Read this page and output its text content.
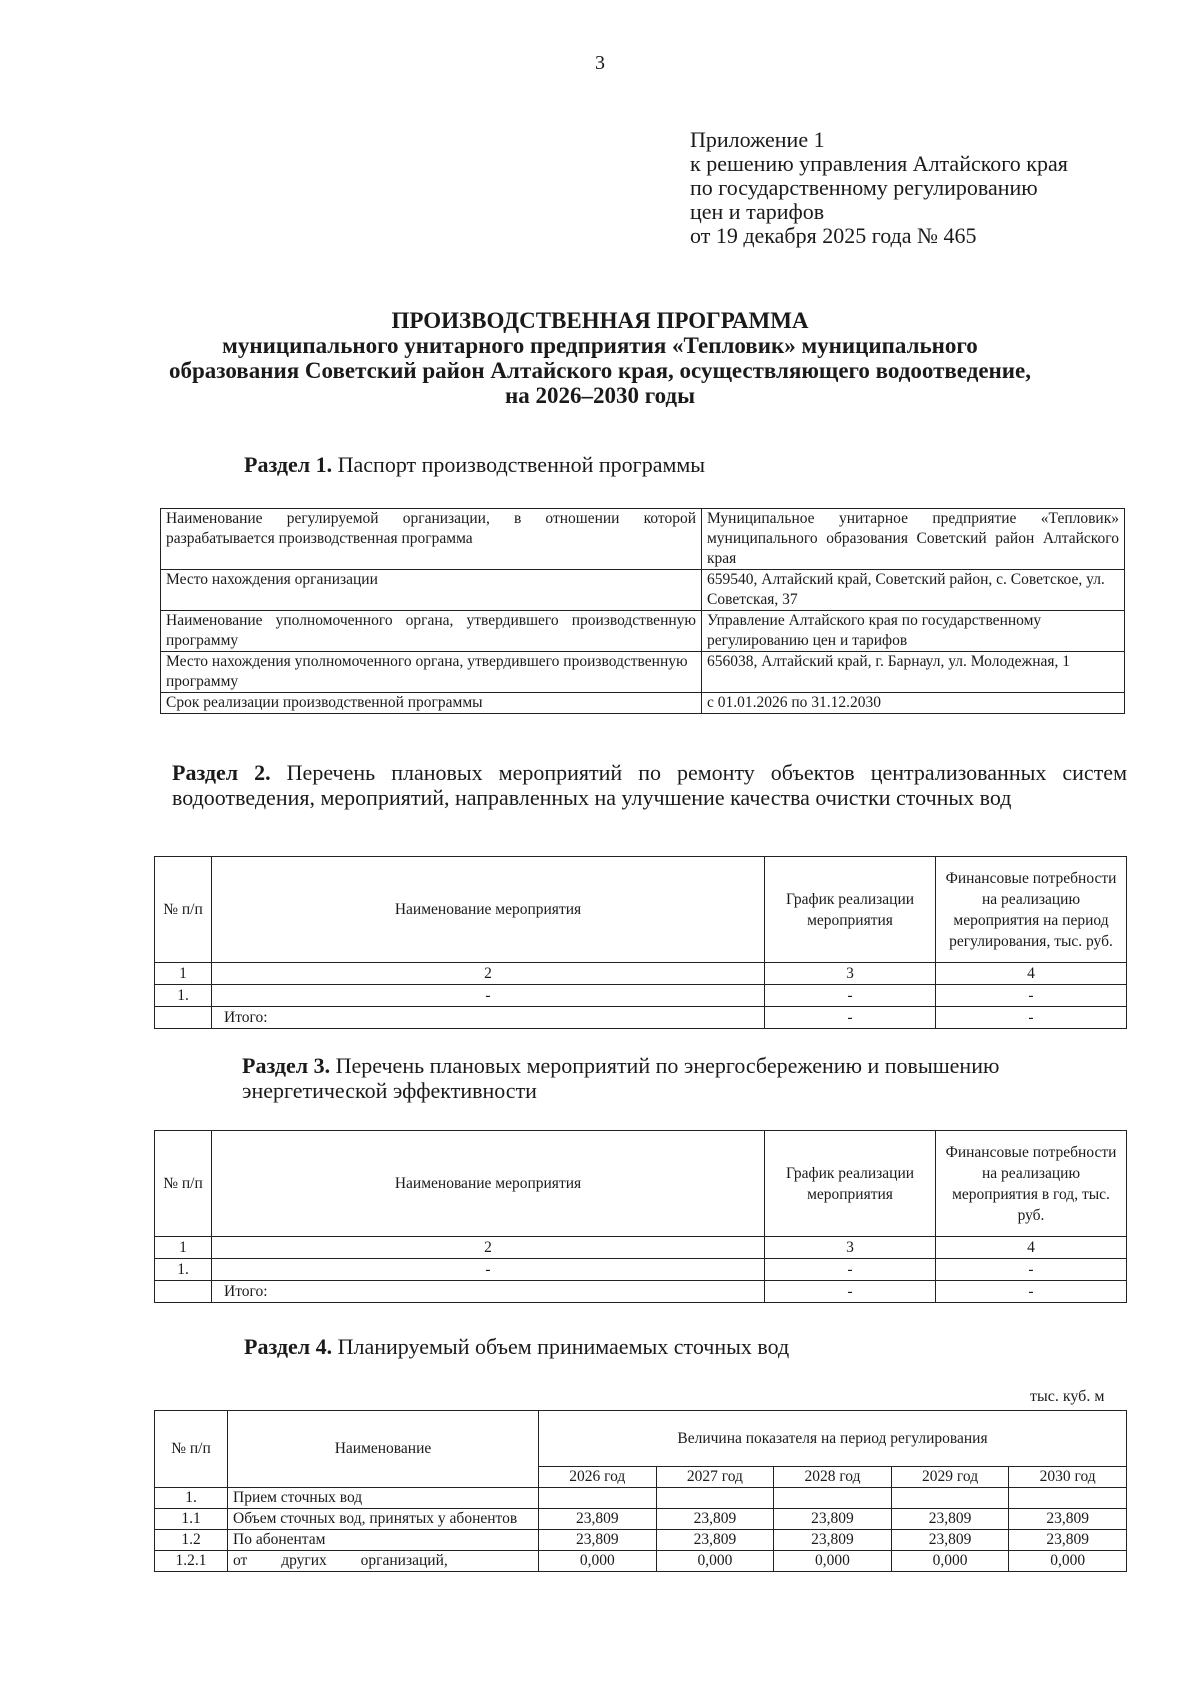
3
Приложение 1
к решению управления Алтайского края
по государственному регулированию
цен и тарифов
от 19 декабря 2025 года № 465
ПРОИЗВОДСТВЕННАЯ ПРОГРАММА
муниципального унитарного предприятия «Тепловик» муниципального
образования Советский район Алтайского края, осуществляющего водоотведение,
на 2026–2030 годы
Раздел 1. Паспорт производственной программы
Наименование регулируемой организации, в отношении которой разрабатывается производственная программа	Муниципальное унитарное предприятие «Тепловик» муниципального образования Советский район Алтайского края
Место нахождения организации	659540, Алтайский край, Советский район, с. Советское, ул. Советская, 37
Наименование уполномоченного органа, утвердившего производственную программу	Управление Алтайского края по государственному регулированию цен и тарифов
Место нахождения уполномоченного органа, утвердившего производственную программу	656038, Алтайский край, г. Барнаул, ул. Молодежная, 1
Срок реализации производственной программы	с 01.01.2026 по 31.12.2030
Раздел 2. Перечень плановых мероприятий по ремонту объектов централизованных систем водоотведения, мероприятий, направленных на улучшение качества очистки сточных вод
№ п/п	Наименование мероприятия	График реализации мероприятия	Финансовые потребности на реализацию мероприятия на период регулирования, тыс. руб.
1	2	3	4
1.	-	-	-
	Итого:	-	-
Раздел 3. Перечень плановых мероприятий по энергосбережению и повышению энергетической эффективности
№ п/п	Наименование мероприятия	График реализации мероприятия	Финансовые потребности на реализацию мероприятия в год, тыс. руб.
1	2	3	4
1.	-	-	-
	Итого:	-	-
Раздел 4. Планируемый объем принимаемых сточных вод
тыс. куб. м
№ п/п	Наименование	Величина показателя на период регулирования				
		2026 год	2027 год	2028 год	2029 год	2030 год
1.	Прием сточных вод					
1.1	Объем сточных вод, принятых у абонентов	23,809	23,809	23,809	23,809	23,809
1.2	По абонентам	23,809	23,809	23,809	23,809	23,809
1.2.1	от других организаций,	0,000	0,000	0,000	0,000	0,000
